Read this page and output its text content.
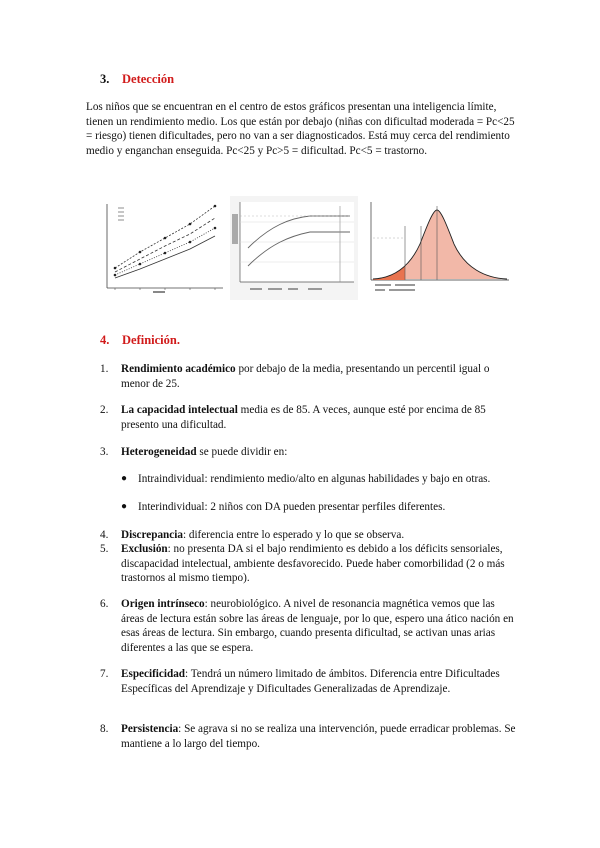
3. Detección
Los niños que se encuentran en el centro de estos gráficos presentan una inteligencia límite, tienen un rendimiento medio. Los que están por debajo (niñas con dificultad moderada = Pc<25 = riesgo) tienen dificultades, pero no van a ser diagnosticados. Está muy cerca del rendimiento medio y enganchan enseguida. Pc<25 y Pc>5 = dificultad. Pc<5 = trastorno.
4. Definición.
1. Rendimiento académico por debajo de la media, presentando un percentil igual o menor de 25.
2. La capacidad intelectual media es de 85. A veces, aunque esté por encima de 85 presento una dificultad.
3. Heterogeneidad se puede dividir en:
● Intraindividual: rendimiento medio/alto en algunas habilidades y bajo en otras.
● Interindividual: 2 niños con DA pueden presentar perfiles diferentes.
4. Discrepancia: diferencia entre lo esperado y lo que se observa.
5. Exclusión: no presenta DA si el bajo rendimiento es debido a los déficits sensoriales, discapacidad intelectual, ambiente desfavorecido. Puede haber comorbilidad (2 o más trastornos al mismo tiempo).
6. Origen intrínseco: neurobiológico. A nivel de resonancia magnética vemos que las áreas de lectura están sobre las áreas de lenguaje, por lo que, espero una ático nación en esas áreas de lectura. Sin embargo, cuando presenta dificultad, se activan unas arias diferentes a las que se espera.
7. Especificidad: Tendrá un número limitado de ámbitos. Diferencia entre Dificultades Específicas del Aprendizaje y Dificultades Generalizadas de Aprendizaje.
8. Persistencia: Se agrava si no se realiza una intervención, puede erradicar problemas. Se mantiene a lo largo del tiempo.
